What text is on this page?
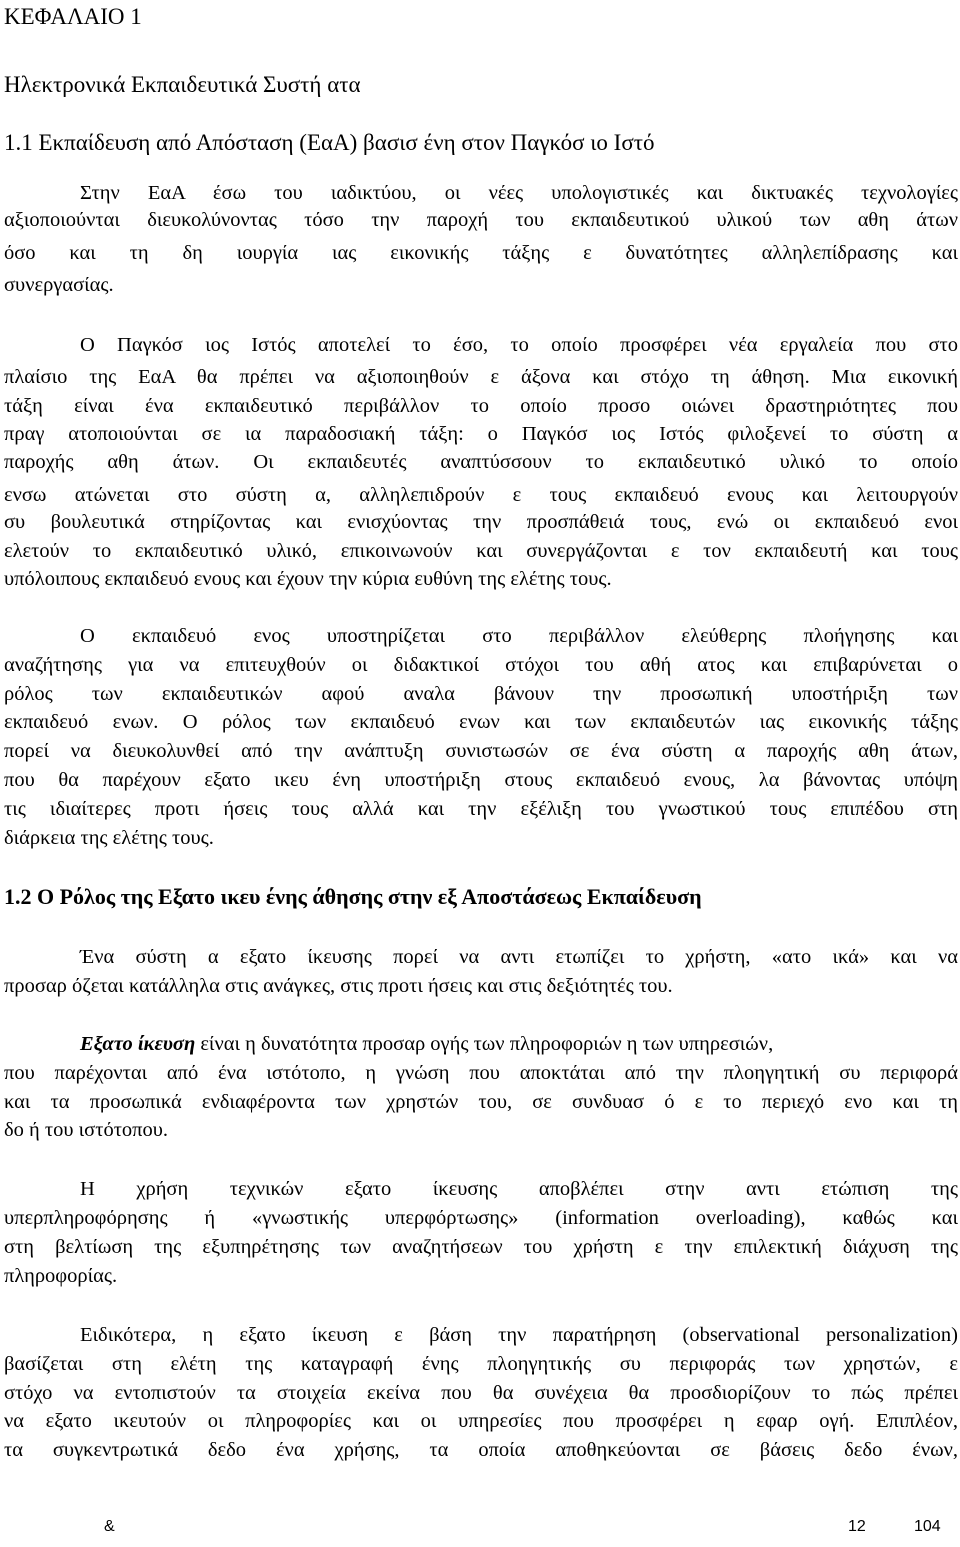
ΚΕΦΑΛΑΙΟ 1
Ηλεκτρονικά Εκπαιδευτικά Συστή ατα
1.1 Εκπαίδευση από Απόσταση (ΕαΑ) βασισ ένη στον Παγκόσ ιο Ιστό
Στην ΕαΑ έσω του ιαδικτύου, οι νέες υπολογιστικές και δικτυακές τεχνολογίες
αξιοποιούνται διευκολύνοντας τόσο την παροχή του εκπαιδευτικού υλικού των αθη άτων
όσο και τη δη ιουργία ιας εικονικής τάξης ε δυνατότητες αλληλεπίδρασης και
συνεργασίας.
Ο Παγκόσ ιος Ιστός αποτελεί το έσο, το οποίο προσφέρει νέα εργαλεία που στο
πλαίσιο της ΕαΑ θα πρέπει να αξιοποιηθούν ε άξονα και στόχο τη άθηση. Μια εικονική
τάξη είναι ένα εκπαιδευτικό περιβάλλον το οποίο προσο οιώνει δραστηριότητες που
πραγ ατοποιούνται σε ια παραδοσιακή τάξη: ο Παγκόσ ιος Ιστός φιλοξενεί το σύστη α
παροχής αθη άτων. Οι εκπαιδευτές αναπτύσσουν το εκπαιδευτικό υλικό το οποίο
ενσω ατώνεται στο σύστη α, αλληλεπιδρούν ε τους εκπαιδευό ενους και λειτουργούν
συ βουλευτικά στηρίζοντας και ενισχύοντας την προσπάθειά τους, ενώ οι εκπαιδευό ενοι
ελετούν το εκπαιδευτικό υλικό, επικοινωνούν και συνεργάζονται ε τον εκπαιδευτή και τους
υπόλοιπους εκπαιδευό ενους και έχουν την κύρια ευθύνη της ελέτης τους.
Ο εκπαιδευό ενος υποστηρίζεται στο περιβάλλον ελεύθερης πλοήγησης και
αναζήτησης για να επιτευχθούν οι διδακτικοί στόχοι του αθή ατος και επιβαρύνεται ο
ρόλος των εκπαιδευτικών αφού αναλα βάνουν την προσωπική υποστήριξη των
εκπαιδευό ενων. Ο ρόλος των εκπαιδευό ενων και των εκπαιδευτών ιας εικονικής τάξης
πορεί να διευκολυνθεί από την ανάπτυξη συνιστωσών σε ένα σύστη α παροχής αθη άτων,
που θα παρέχουν εξατο ικευ ένη υποστήριξη στους εκπαιδευό ενους, λα βάνοντας υπόψη
τις ιδιαίτερες προτι ήσεις τους αλλά και την εξέλιξη του γνωστικού τους επιπέδου στη
διάρκεια της ελέτης τους.
1.2 Ο Ρόλος της Εξατο ικευ ένης άθησης στην εξ Αποστάσεως Εκπαίδευση
Ένα σύστη α εξατο ίκευσης πορεί να αντι ετωπίζει το χρήστη, «ατο ικά» και να
προσαρ όζεται κατάλληλα στις ανάγκες, στις προτι ήσεις και στις δεξιότητές του.
Εξατο ίκευση είναι η δυνατότητα προσαρ ογής των πληροφοριών η των υπηρεσιών,
που παρέχονται από ένα ιστότοπο, η γνώση που αποκτάται από την πλοηγητική συ περιφορά
και τα προσωπικά ενδιαφέροντα των χρηστών του, σε συνδυασ ό ε το περιεχό ενο και τη
δο ή του ιστότοπου.
Η χρήση τεχνικών εξατο ίκευσης αποβλέπει στην αντι ετώπιση της
υπερπληροφόρησης ή «γνωστικής υπερφόρτωσης» (information overloading), καθώς και
στη βελτίωση της εξυπηρέτησης των αναζητήσεων του χρήστη ε την επιλεκτική διάχυση της
πληροφορίας.
Ειδικότερα, η εξατο ίκευση ε βάση την παρατήρηση (observational personalization)
βασίζεται στη ελέτη της καταγραφή ένης πλοηγητικής συ περιφοράς των χρηστών, ε
στόχο να εντοπιστούν τα στοιχεία εκείνα που θα συνέχεια θα προσδιορίζουν το πώς πρέπει
να εξατο ικευτούν οι πληροφορίες και οι υπηρεσίες που προσφέρει η εφαρ ογή. Επιπλέον,
τα συγκεντρωτικά δεδο ένα χρήσης, τα οποία αποθηκεύονται σε βάσεις δεδο ένων,
&	12	104
